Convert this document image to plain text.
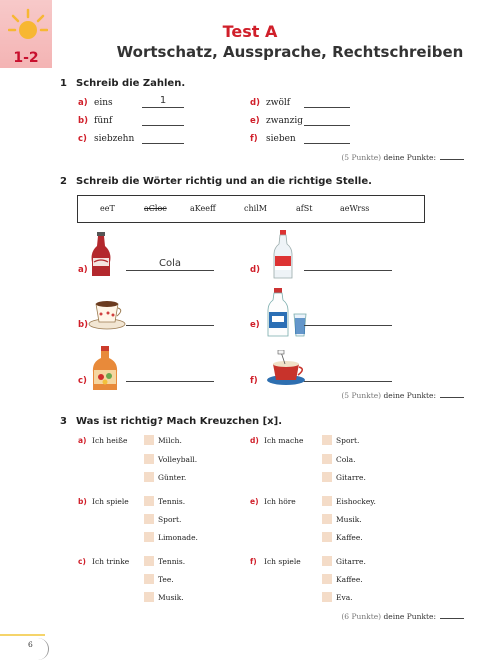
1-2
Test A
Wortschatz, Aussprache, Rechtschreiben
1 Schreib die Zahlen.
a) eins	1
b) fünf
c) siebzehn
d) zwölf
e) zwanzig
f) sieben
(5 Punkte) deine Punkte:
2 Schreib die Wörter richtig und an die richtige Stelle.
eeT	aCloc	aKeeff	chilM	afSt	aeWrss
a)
Cola
b)
c)
d)
e)
f)
(5 Punkte) deine Punkte:
3 Was ist richtig? Mach Kreuzchen [x].
a) Ich heiße	Milch.
Volleyball.
Günter.
b) Ich spiele	Tennis.
Sport.
Limonade.
c) Ich trinke	Tennis.
Tee.
Musik.
d) Ich mache	Sport.
Cola.
Gitarre.
e) Ich höre	Eishockey.
Musik.
Kaffee.
f) Ich spiele	Gitarre.
Kaffee.
Eva.
(6 Punkte) deine Punkte:
6
